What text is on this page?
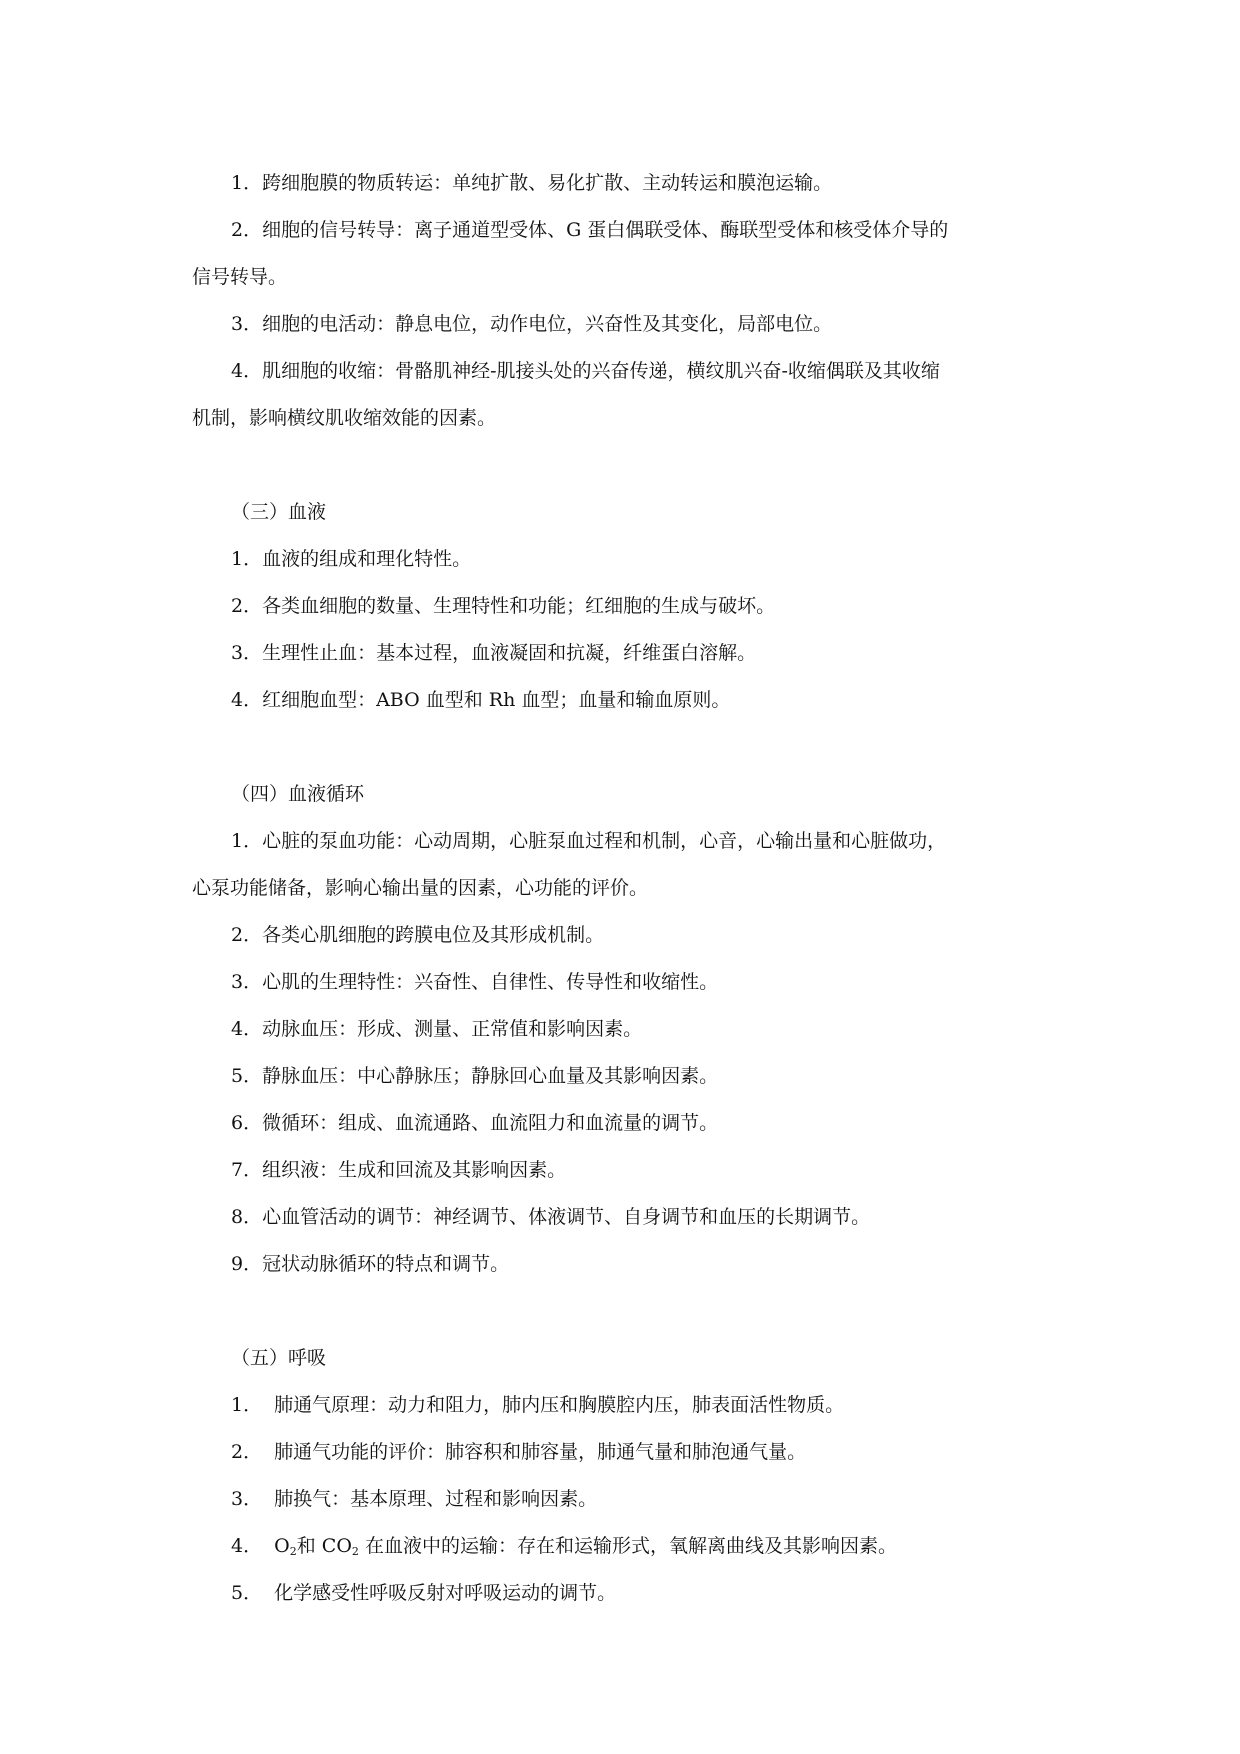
1．跨细胞膜的物质转运：单纯扩散、易化扩散、主动转运和膜泡运输。

2．细胞的信号转导：离子通道型受体、G 蛋白偶联受体、酶联型受体和核受体介导的

信号转导。

3．细胞的电活动：静息电位，动作电位，兴奋性及其变化，局部电位。

4．肌细胞的收缩：骨骼肌神经-肌接头处的兴奋传递，横纹肌兴奋-收缩偶联及其收缩

机制，影响横纹肌收缩效能的因素。

（三）血液

1．血液的组成和理化特性。

2．各类血细胞的数量、生理特性和功能；红细胞的生成与破坏。

3．生理性止血：基本过程，血液凝固和抗凝，纤维蛋白溶解。

4．红细胞血型：ABO 血型和 Rh 血型；血量和输血原则。

（四）血液循环

1．心脏的泵血功能：心动周期，心脏泵血过程和机制，心音，心输出量和心脏做功，

心泵功能储备，影响心输出量的因素，心功能的评价。

2．各类心肌细胞的跨膜电位及其形成机制。

3．心肌的生理特性：兴奋性、自律性、传导性和收缩性。

4．动脉血压：形成、测量、正常值和影响因素。

5．静脉血压：中心静脉压；静脉回心血量及其影响因素。

6．微循环：组成、血流通路、血流阻力和血流量的调节。

7．组织液：生成和回流及其影响因素。

8．心血管活动的调节：神经调节、体液调节、自身调节和血压的长期调节。

9．冠状动脉循环的特点和调节。

（五）呼吸

1．  肺通气原理：动力和阻力，肺内压和胸膜腔内压，肺表面活性物质。

2．  肺通气功能的评价：肺容积和肺容量，肺通气量和肺泡通气量。

3．  肺换气：基本原理、过程和影响因素。

4．  $O_2$和 $CO_2$ 在血液中的运输：存在和运输形式，氧解离曲线及其影响因素。

5．  化学感受性呼吸反射对呼吸运动的调节。
